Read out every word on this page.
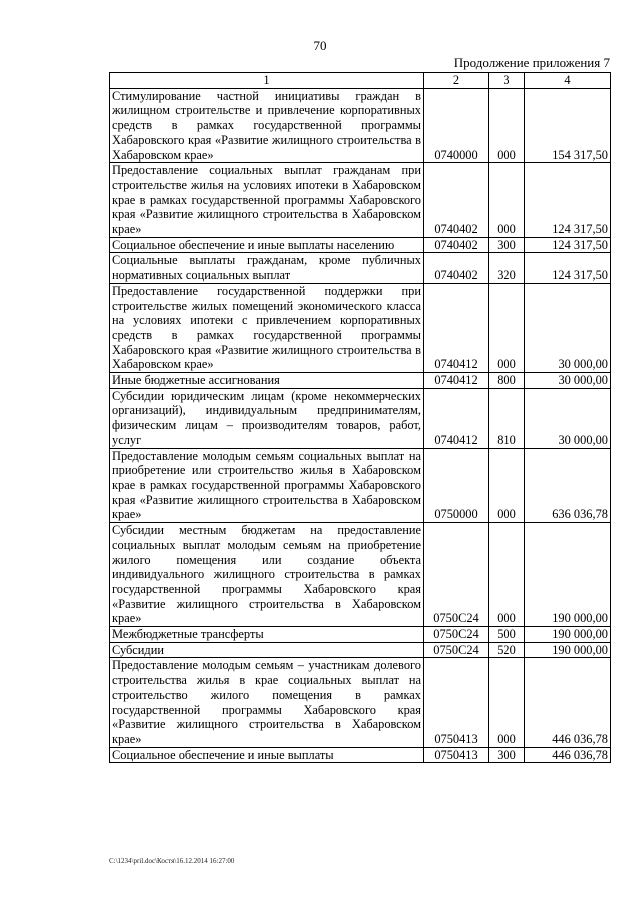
70
Продолжение приложения 7
1	2	3	4
Стимулирование частной инициативы граждан в жилищном строительстве и привлечение корпоративных средств в рамках государственной программы Хабаровского края «Развитие жилищного строительства в Хабаровском крае»	0740000	000	154 317,50
Предоставление социальных выплат гражданам при строительстве жилья на условиях ипотеки в Хабаровском крае в рамках государственной программы Хабаровского края «Развитие жилищного строительства в Хабаровском крае»	0740402	000	124 317,50
Социальное обеспечение и иные выплаты населению	0740402	300	124 317,50
Социальные выплаты гражданам, кроме публичных нормативных социальных выплат	0740402	320	124 317,50
Предоставление государственной поддержки при строительстве жилых помещений экономического класса на условиях ипотеки с привлечением корпоративных средств в рамках государственной программы Хабаровского края «Развитие жилищного строительства в Хабаровском крае»	0740412	000	30 000,00
Иные бюджетные ассигнования	0740412	800	30 000,00
Субсидии юридическим лицам (кроме некоммерческих организаций), индивидуальным предпринимателям, физическим лицам – производителям товаров, работ, услуг	0740412	810	30 000,00
Предоставление молодым семьям социальных выплат на приобретение или строительство жилья в Хабаровском крае в рамках государственной программы Хабаровского края «Развитие жилищного строительства в Хабаровском крае»	0750000	000	636 036,78
Субсидии местным бюджетам на предоставление социальных выплат молодым семьям на приобретение жилого помещения или создание объекта индивидуального жилищного строительства в рамках государственной программы Хабаровского края «Развитие жилищного строительства в Хабаровском крае»	0750С24	000	190 000,00
Межбюджетные трансферты	0750С24	500	190 000,00
Субсидии	0750С24	520	190 000,00
Предоставление молодым семьям – участникам долевого строительства жилья в крае социальных выплат на строительство жилого помещения в рамках государственной программы Хабаровского края «Развитие жилищного строительства в Хабаровском крае»	0750413	000	446 036,78
Социальное обеспечение и иные выплаты	0750413	300	446 036,78
C:\1234\pril.doc\Костя\16.12.2014 16:27:00
